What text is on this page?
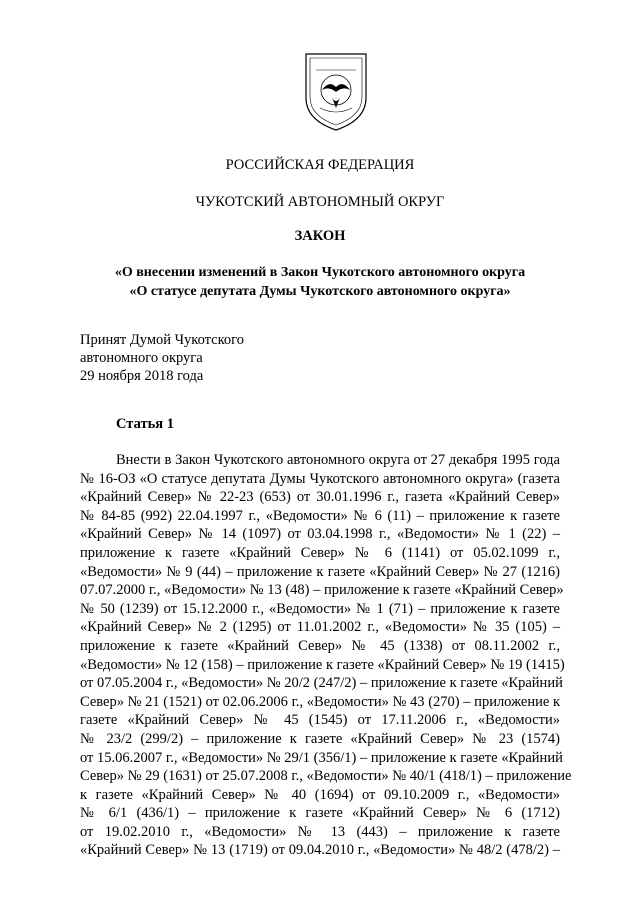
РОССИЙСКАЯ ФЕДЕРАЦИЯ
ЧУКОТСКИЙ АВТОНОМНЫЙ ОКРУГ
ЗАКОН
«О внесении изменений в Закон Чукотского автономного округа
«О статусе депутата Думы Чукотского автономного округа»
Принят Думой Чукотского
автономного округа
29 ноября 2018 года
Статья 1
Внести в Закон Чукотского автономного округа от 27 декабря 1995 года
№ 16-ОЗ «О статусе депутата Думы Чукотского автономного округа» (газета
«Крайний Север» № 22-23 (653) от 30.01.1996 г., газета «Крайний Север»
№ 84-85 (992) 22.04.1997 г., «Ведомости» № 6 (11) – приложение к газете
«Крайний Север» № 14 (1097) от 03.04.1998 г., «Ведомости» № 1 (22) –
приложение к газете «Крайний Север» № 6 (1141) от 05.02.1099 г.,
«Ведомости» № 9 (44) – приложение к газете «Крайний Север» № 27 (1216)
07.07.2000 г., «Ведомости» № 13 (48) – приложение к газете «Крайний Север»
№ 50 (1239) от 15.12.2000 г., «Ведомости» № 1 (71) – приложение к газете
«Крайний Север» № 2 (1295) от 11.01.2002 г., «Ведомости» № 35 (105) –
приложение к газете «Крайний Север» № 45 (1338) от 08.11.2002 г.,
«Ведомости» № 12 (158) – приложение к газете «Крайний Север» № 19 (1415)
от 07.05.2004 г., «Ведомости» № 20/2 (247/2) – приложение к газете «Крайний
Север» № 21 (1521) от 02.06.2006 г., «Ведомости» № 43 (270) – приложение к
газете «Крайний Север» № 45 (1545) от 17.11.2006 г., «Ведомости»
№ 23/2 (299/2) – приложение к газете «Крайний Север» № 23 (1574)
от 15.06.2007 г., «Ведомости» № 29/1 (356/1) – приложение к газете «Крайний
Север» № 29 (1631) от 25.07.2008 г., «Ведомости» № 40/1 (418/1) – приложение
к газете «Крайний Север» № 40 (1694) от 09.10.2009 г., «Ведомости»
№ 6/1 (436/1) – приложение к газете «Крайний Север» № 6 (1712)
от 19.02.2010 г., «Ведомости» № 13 (443) – приложение к газете
«Крайний Север» № 13 (1719) от 09.04.2010 г., «Ведомости» № 48/2 (478/2) –
